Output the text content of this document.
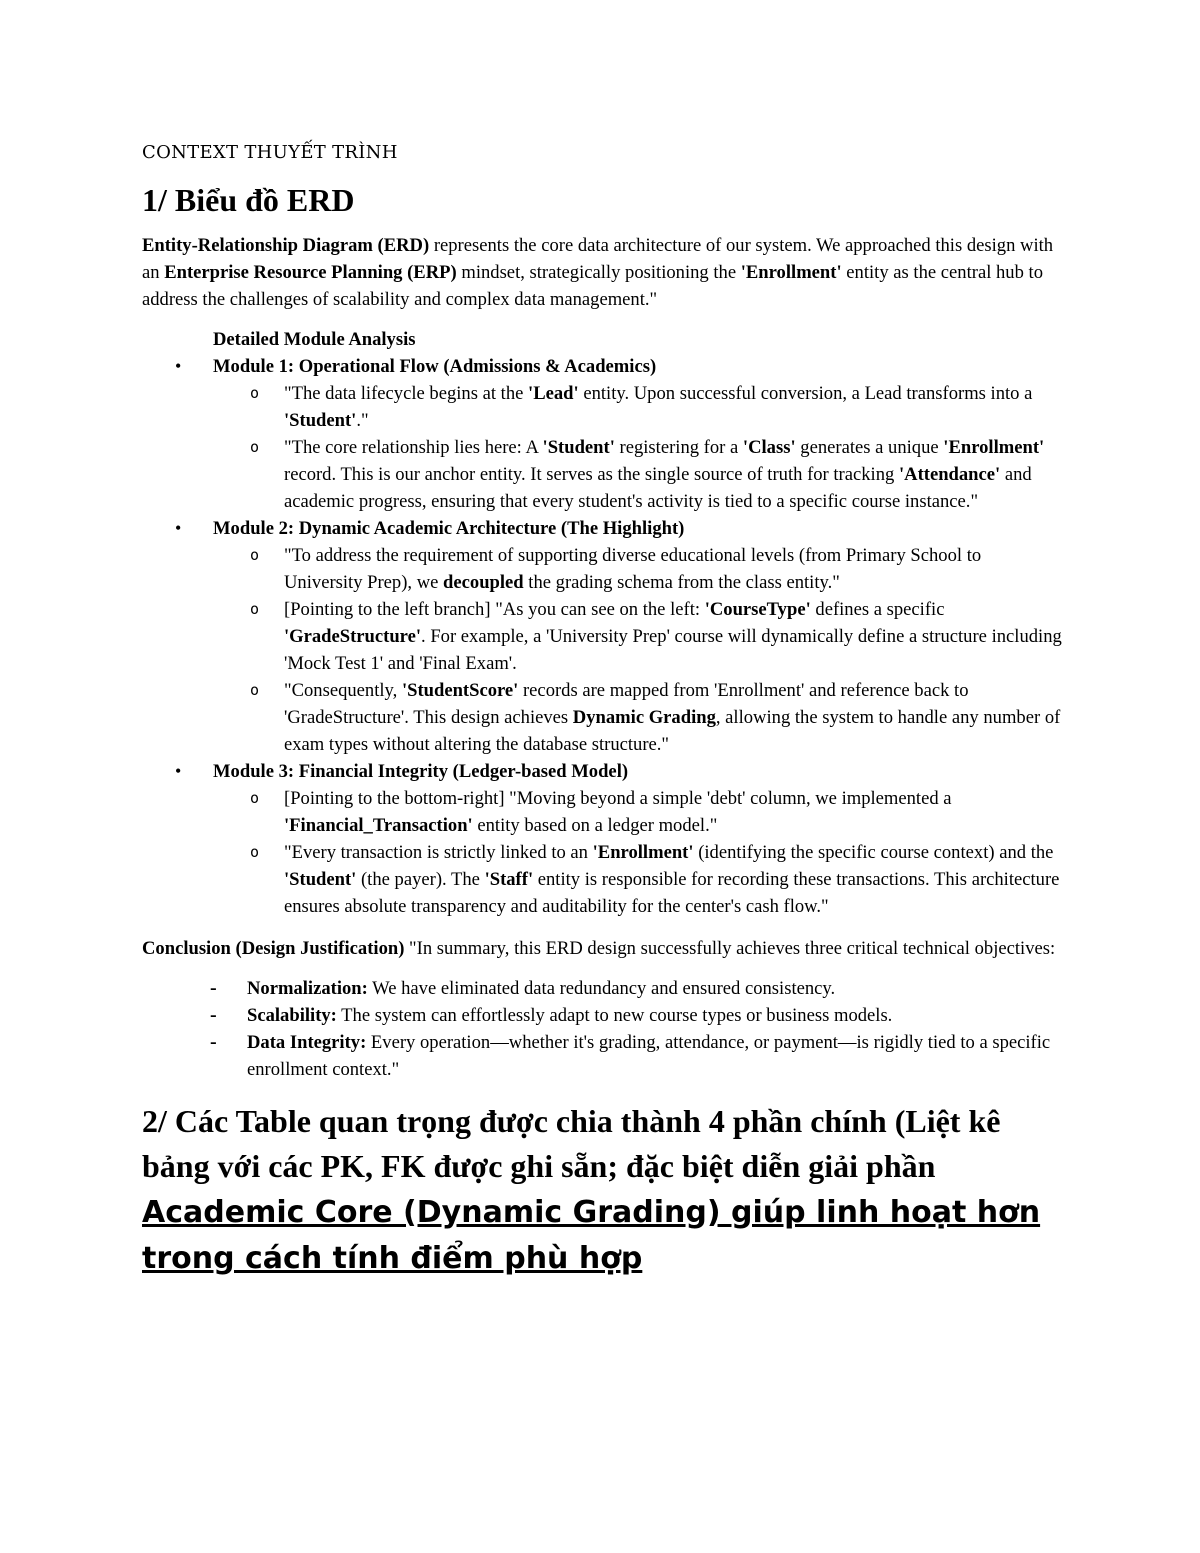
CONTEXT THUYẾT TRÌNH
1/ Biểu đồ ERD

Entity-Relationship Diagram (ERD) represents the core data architecture of our system. We approached this design with an Enterprise Resource Planning (ERP) mindset, strategically positioning the 'Enrollment' entity as the central hub to address the challenges of scalability and complex data management."

Detailed Module Analysis
• Module 1: Operational Flow (Admissions & Academics)
o "The data lifecycle begins at the 'Lead' entity. Upon successful conversion, a Lead transforms into a 'Student'."
o "The core relationship lies here: A 'Student' registering for a 'Class' generates a unique 'Enrollment' record. This is our anchor entity. It serves as the single source of truth for tracking 'Attendance' and academic progress, ensuring that every student's activity is tied to a specific course instance."
• Module 2: Dynamic Academic Architecture (The Highlight)
o "To address the requirement of supporting diverse educational levels (from Primary School to University Prep), we decoupled the grading schema from the class entity."
o [Pointing to the left branch] "As you can see on the left: 'CourseType' defines a specific 'GradeStructure'. For example, a 'University Prep' course will dynamically define a structure including 'Mock Test 1' and 'Final Exam'.
o "Consequently, 'StudentScore' records are mapped from 'Enrollment' and reference back to 'GradeStructure'. This design achieves Dynamic Grading, allowing the system to handle any number of exam types without altering the database structure."
• Module 3: Financial Integrity (Ledger-based Model)
o [Pointing to the bottom-right] "Moving beyond a simple 'debt' column, we implemented a 'Financial_Transaction' entity based on a ledger model."
o "Every transaction is strictly linked to an 'Enrollment' (identifying the specific course context) and the 'Student' (the payer). The 'Staff' entity is responsible for recording these transactions. This architecture ensures absolute transparency and auditability for the center's cash flow."

Conclusion (Design Justification) "In summary, this ERD design successfully achieves three critical technical objectives:

- Normalization: We have eliminated data redundancy and ensured consistency.
- Scalability: The system can effortlessly adapt to new course types or business models.
- Data Integrity: Every operation—whether it's grading, attendance, or payment—is rigidly tied to a specific enrollment context."
2/ Các Table quan trọng được chia thành 4 phần chính (Liệt kê bảng với các PK, FK được ghi sẵn; đặc biệt diễn giải phần Academic Core (Dynamic Grading) giúp linh hoạt hơn trong cách tính điểm phù hợp
